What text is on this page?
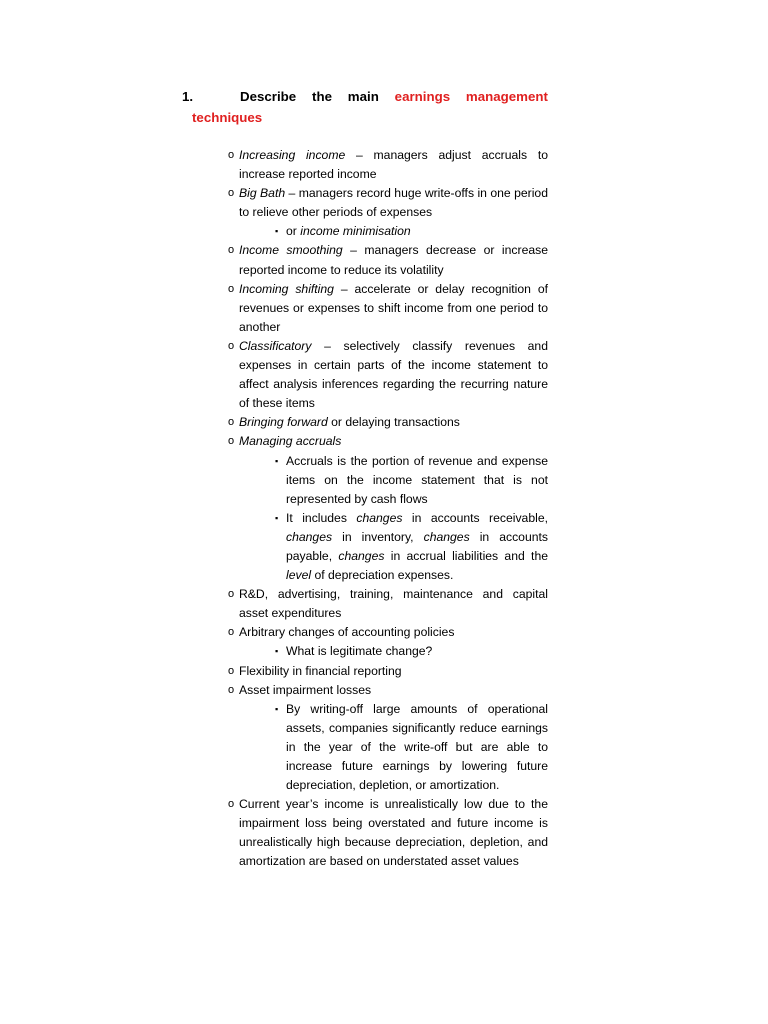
1.	Describe the main earnings management
techniques
o Increasing income – managers adjust accruals to increase reported income
o Big Bath – managers record huge write-offs in one period to relieve other periods of expenses
▪ or income minimisation
o Income smoothing – managers decrease or increase reported income to reduce its volatility
o Incoming shifting – accelerate or delay recognition of revenues or expenses to shift income from one period to another
o Classificatory – selectively classify revenues and expenses in certain parts of the income statement to affect analysis inferences regarding the recurring nature of these items
o Bringing forward or delaying transactions
o Managing accruals
▪ Accruals is the portion of revenue and expense items on the income statement that is not represented by cash flows
▪ It includes changes in accounts receivable, changes in inventory, changes in accounts payable, changes in accrual liabilities and the level of depreciation expenses.
o R&D, advertising, training, maintenance and capital asset expenditures
o Arbitrary changes of accounting policies
▪ What is legitimate change?
o Flexibility in financial reporting
o Asset impairment losses
▪ By writing-off large amounts of operational assets, companies significantly reduce earnings in the year of the write-off but are able to increase future earnings by lowering future depreciation, depletion, or amortization.
o Current year’s income is unrealistically low due to the impairment loss being overstated and future income is unrealistically high because depreciation, depletion, and amortization are based on understated asset values
